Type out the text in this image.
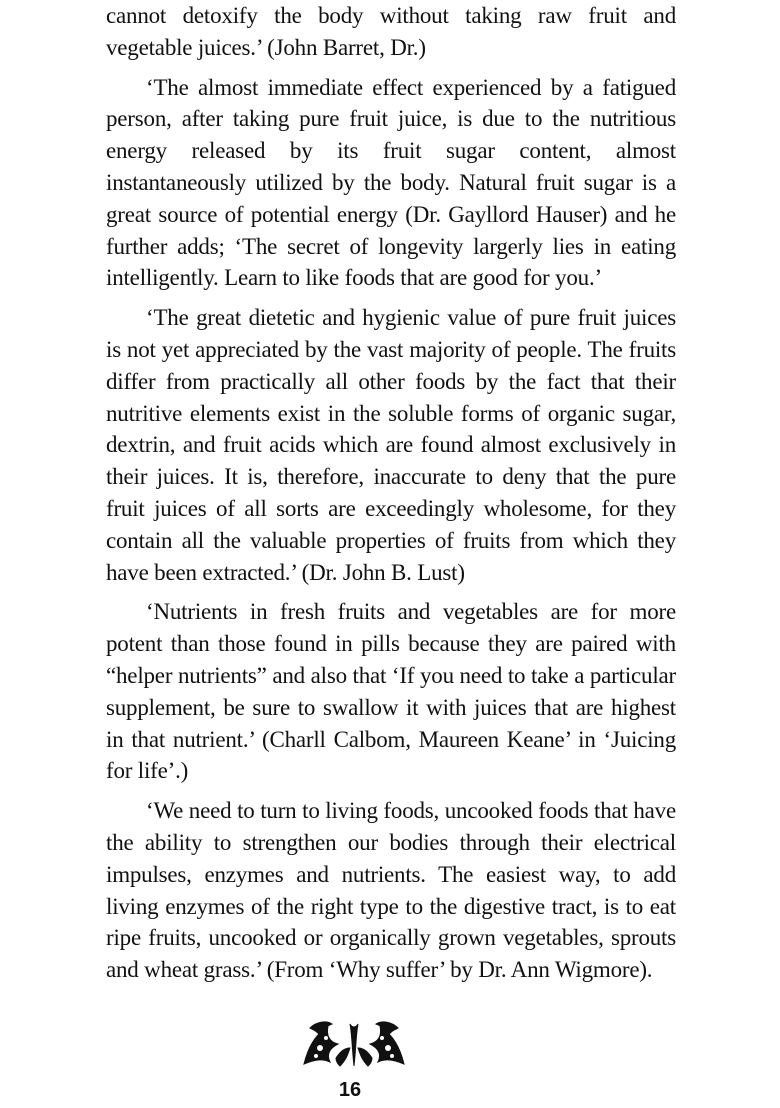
cannot detoxify the body without taking raw fruit and vegetable juices.’ (John Barret, Dr.)

‘The almost immediate effect experienced by a fatigued person, after taking pure fruit juice, is due to the nutritious energy released by its fruit sugar content, almost instantaneously utilized by the body. Natural fruit sugar is a great source of potential energy (Dr. Gayllord Hauser) and he further adds; ‘The secret of longevity largerly lies in eating intelligently. Learn to like foods that are good for you.’

‘The great dietetic and hygienic value of pure fruit juices is not yet appreciated by the vast majority of people. The fruits differ from practically all other foods by the fact that their nutritive elements exist in the soluble forms of organic sugar, dextrin, and fruit acids which are found almost exclusively in their juices. It is, therefore, inaccurate to deny that the pure fruit juices of all sorts are exceedingly wholesome, for they contain all the valuable properties of fruits from which they have been extracted.’ (Dr. John B. Lust)

‘Nutrients in fresh fruits and vegetables are for more potent than those found in pills because they are paired with “helper nutrients” and also that ‘If you need to take a particular supplement, be sure to swallow it with juices that are highest in that nutrient.’ (Charll Calbom, Maureen Keane’ in ‘Juicing for life’.)

‘We need to turn to living foods, uncooked foods that have the ability to strengthen our bodies through their electrical impulses, enzymes and nutrients. The easiest way, to add living enzymes of the right type to the digestive tract, is to eat ripe fruits, uncooked or organically grown vegetables, sprouts and wheat grass.’ (From ‘Why suffer’ by Dr. Ann Wigmore).

16
